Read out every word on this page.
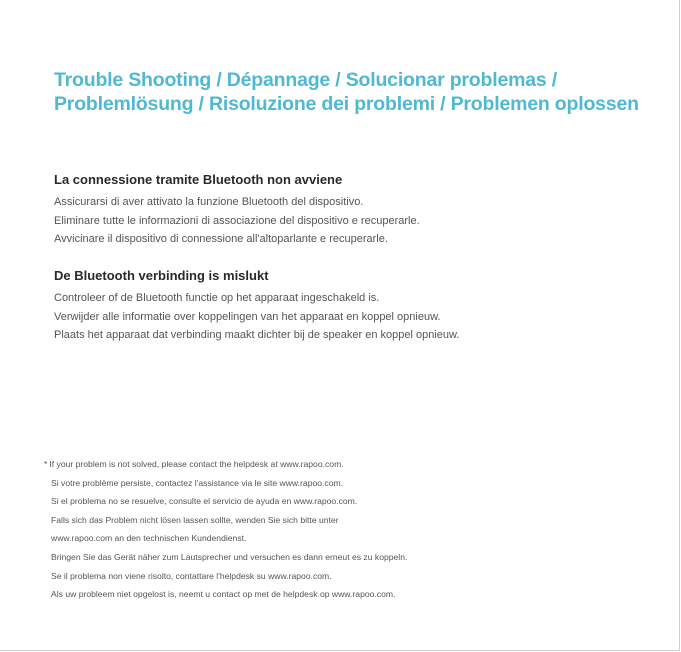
Trouble Shooting / Dépannage / Solucionar problemas /
Problemlösung / Risoluzione dei problemi / Problemen oplossen
La connessione tramite Bluetooth non avviene

Assicurarsi di aver attivato la funzione Bluetooth del dispositivo.

Eliminare tutte le informazioni di associazione del dispositivo e recuperarle.

Avvicinare il dispositivo di connessione all'altoparlante e recuperarle.

De Bluetooth verbinding is mislukt

Controleer of de Bluetooth functie op het apparaat ingeschakeld is.

Verwijder alle informatie over koppelingen van het apparaat en koppel opnieuw.

Plaats het apparaat dat verbinding maakt dichter bij de speaker en koppel opnieuw.

* If your problem is not solved, please contact the helpdesk at www.rapoo.com.

Si votre problème persiste, contactez l'assistance via le site www.rapoo.com.

Si el problema no se resuelve, consulte el servicio de ayuda en www.rapoo.com.

Falls sich das Problem nicht lösen lassen sollte, wenden Sie sich bitte unter

www.rapoo.com an den technischen Kundendienst.

Bringen Sie das Gerät näher zum Lautsprecher und versuchen es dann erneut es zu koppeln.

Se il problema non viene risolto, contattare l'helpdesk su www.rapoo.com.

Als uw probleem niet opgelost is, neemt u contact op met de helpdesk op www.rapoo.com.
